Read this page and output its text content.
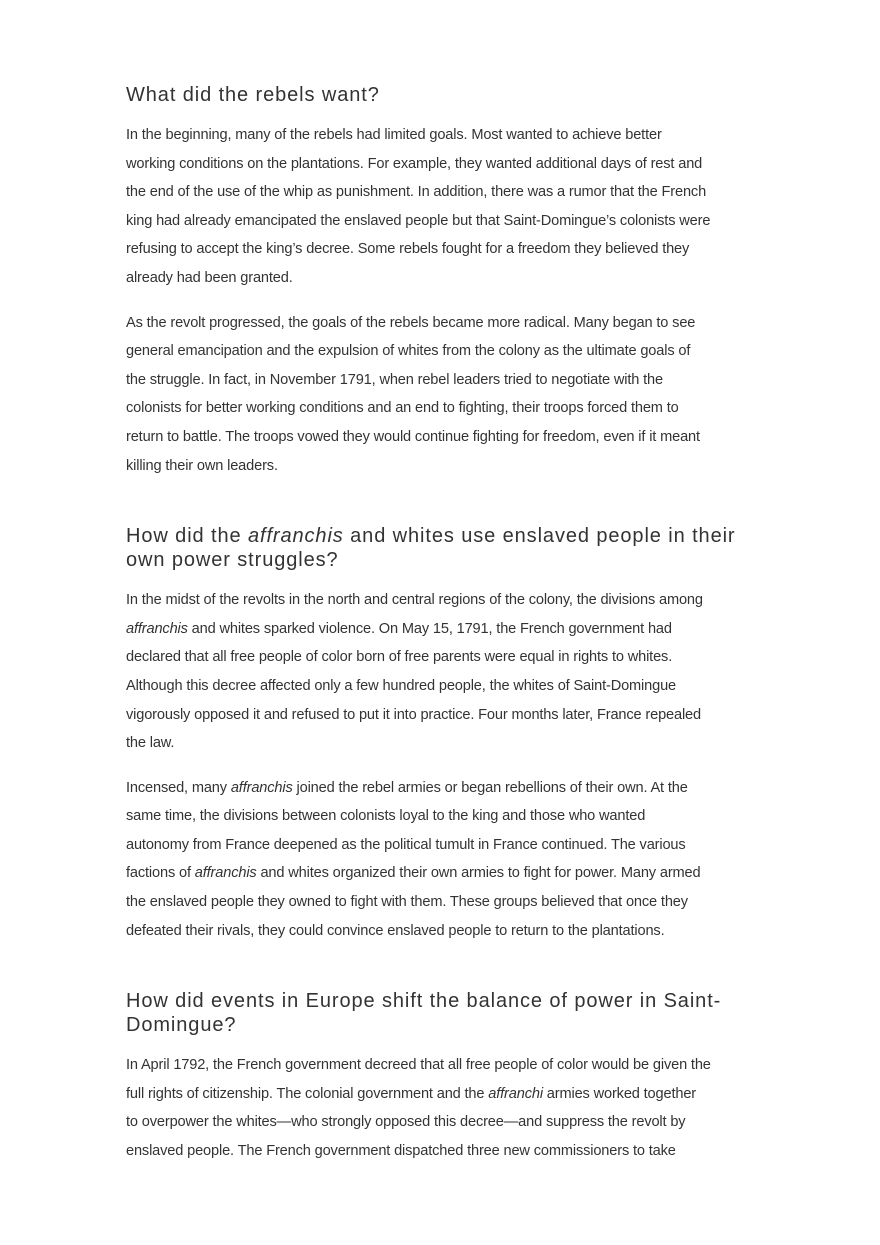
What did the rebels want?

In the beginning, many of the rebels had limited goals. Most wanted to achieve better
working conditions on the plantations. For example, they wanted additional days of rest and
the end of the use of the whip as punishment. In addition, there was a rumor that the French
king had already emancipated the enslaved people but that Saint-Domingue’s colonists were
refusing to accept the king’s decree. Some rebels fought for a freedom they believed they
already had been granted.

As the revolt progressed, the goals of the rebels became more radical. Many began to see
general emancipation and the expulsion of whites from the colony as the ultimate goals of
the struggle. In fact, in November 1791, when rebel leaders tried to negotiate with the
colonists for better working conditions and an end to fighting, their troops forced them to
return to battle. The troops vowed they would continue fighting for freedom, even if it meant
killing their own leaders.

How did the affranchis and whites use enslaved people in their
own power struggles?

In the midst of the revolts in the north and central regions of the colony, the divisions among
affranchis and whites sparked violence. On May 15, 1791, the French government had
declared that all free people of color born of free parents were equal in rights to whites.
Although this decree affected only a few hundred people, the whites of Saint-Domingue
vigorously opposed it and refused to put it into practice. Four months later, France repealed
the law.

Incensed, many affranchis joined the rebel armies or began rebellions of their own. At the
same time, the divisions between colonists loyal to the king and those who wanted
autonomy from France deepened as the political tumult in France continued. The various
factions of affranchis and whites organized their own armies to fight for power. Many armed
the enslaved people they owned to fight with them. These groups believed that once they
defeated their rivals, they could convince enslaved people to return to the plantations.

How did events in Europe shift the balance of power in Saint-
Domingue?

In April 1792, the French government decreed that all free people of color would be given the
full rights of citizenship. The colonial government and the affranchi armies worked together
to overpower the whites—who strongly opposed this decree—and suppress the revolt by
enslaved people. The French government dispatched three new commissioners to take
